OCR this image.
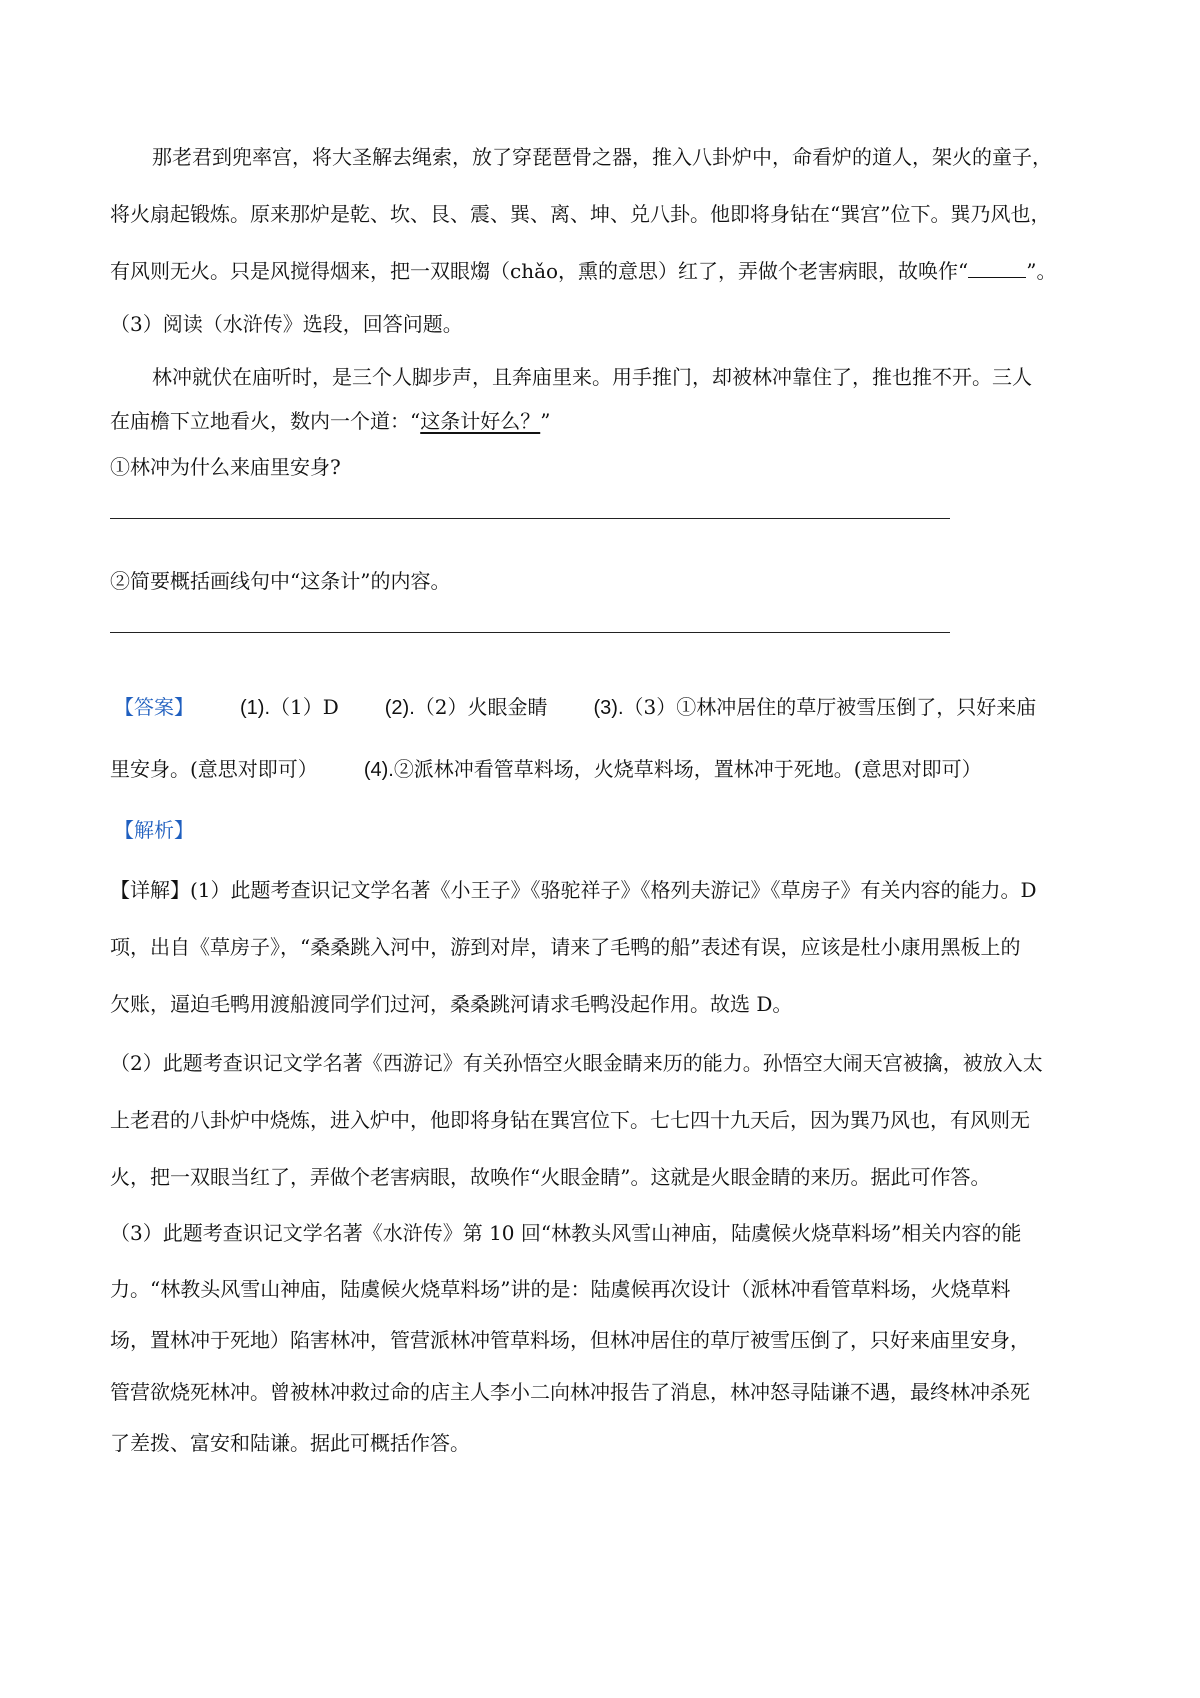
那老君到兜率宫，将大圣解去绳索，放了穿琵琶骨之器，推入八卦炉中，命看炉的道人，架火的童子，
将火扇起锻炼。原来那炉是乾、坎、艮、震、巽、离、坤、兑八卦。他即将身钻在“巽宫”位下。巽乃风也，
有风则无火。只是风搅得烟来，把一双眼煼（chǎo，熏的意思）红了，弄做个老害病眼，故唤作“	”。
（3）阅读（水浒传》选段，回答问题。
林冲就伏在庙听时，是三个人脚步声，且奔庙里来。用手推门，却被林冲靠住了，推也推不开。三人
在庙檐下立地看火，数内一个道：“这条计好么？”
①林冲为什么来庙里安身?
②简要概括画线句中“这条计”的内容。
【答案】 (1).（1）D (2).（2）火眼金睛 (3).（3）①林冲居住的草厅被雪压倒了，只好来庙
里安身。(意思对即可） (4).②派林冲看管草料场，火烧草料场，置林冲于死地。(意思对即可）
【解析】
【详解】(1）此题考查识记文学名著《小王子》《骆驼祥子》《格列夫游记》《草房子》有关内容的能力。D
项，出自《草房子》，“桑桑跳入河中，游到对岸，请来了毛鸭的船”表述有误，应该是杜小康用黑板上的
欠账，逼迫毛鸭用渡船渡同学们过河，桑桑跳河请求毛鸭没起作用。故选 D。
（2）此题考查识记文学名著《西游记》有关孙悟空火眼金睛来历的能力。孙悟空大闹天宫被擒，被放入太
上老君的八卦炉中烧炼，进入炉中，他即将身钻在巽宫位下。七七四十九天后，因为巽乃风也，有风则无
火，把一双眼当红了，弄做个老害病眼，故唤作“火眼金睛”。这就是火眼金睛的来历。据此可作答。
（3）此题考查识记文学名著《水浒传》第 10 回“林教头风雪山神庙，陆虞候火烧草料场”相关内容的能
力。“林教头风雪山神庙，陆虞候火烧草料场”讲的是：陆虞候再次设计（派林冲看管草料场，火烧草料
场，置林冲于死地）陷害林冲，管营派林冲管草料场，但林冲居住的草厅被雪压倒了，只好来庙里安身，
管营欲烧死林冲。曾被林冲救过命的店主人李小二向林冲报告了消息，林冲怒寻陆谦不遇，最终林冲杀死
了差拨、富安和陆谦。据此可概括作答。
